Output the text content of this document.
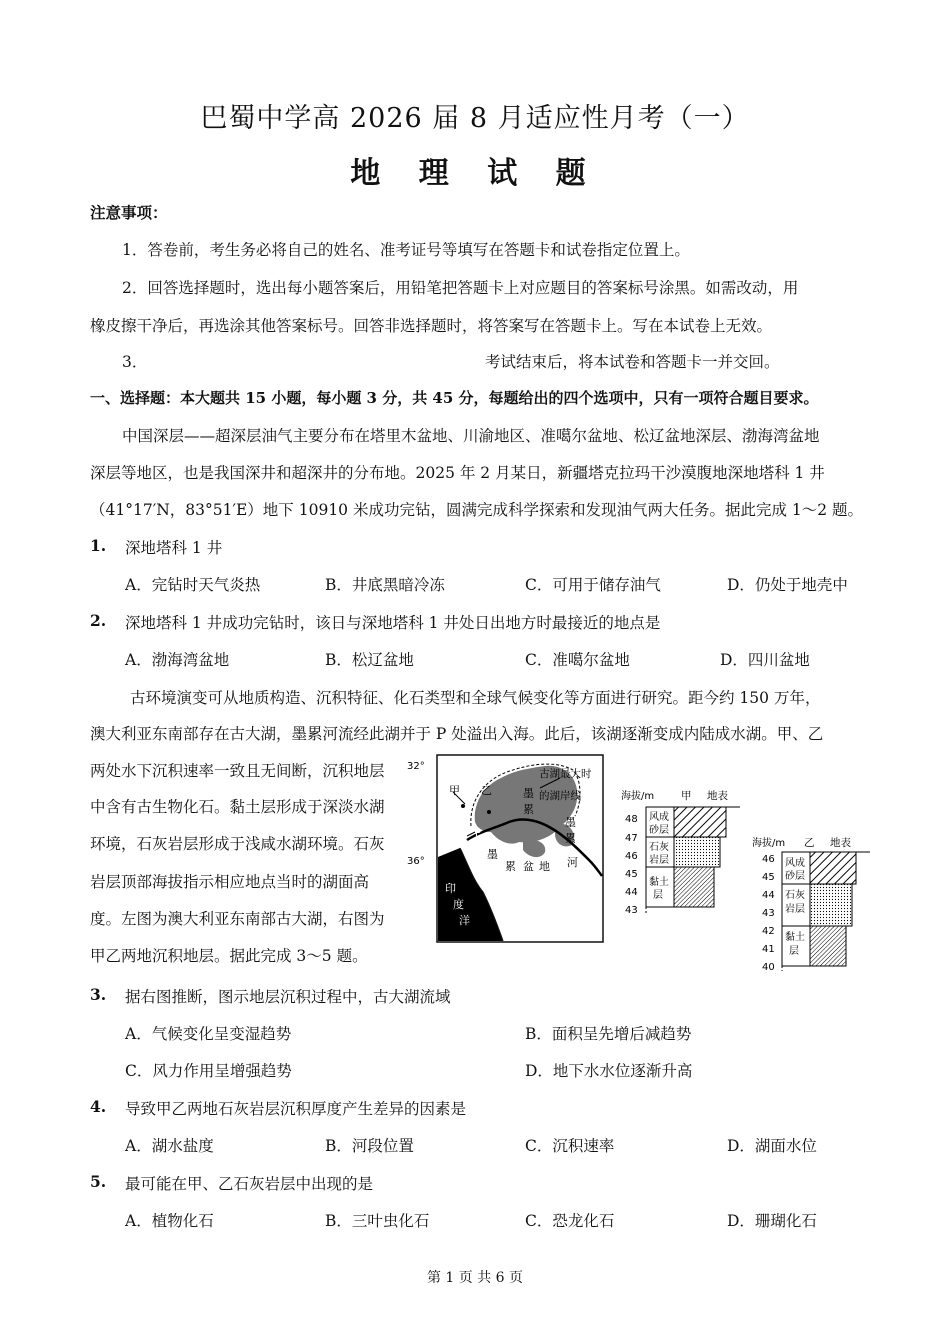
巴蜀中学高 2026 届 8 月适应性月考（一）
地 理 试 题
注意事项：
1．答卷前，考生务必将自己的姓名、准考证号等填写在答题卡和试卷指定位置上。
2．回答选择题时，选出每小题答案后，用铅笔把答题卡上对应题目的答案标号涂黑。如需改动，用
橡皮擦干净后，再选涂其他答案标号。回答非选择题时，将答案写在答题卡上。写在本试卷上无效。
3．	考试结束后，将本试卷和答题卡一并交回。
一、选择题：本大题共 15 小题，每小题 3 分，共 45 分，每题给出的四个选项中，只有一项符合题目要求。
中国深层——超深层油气主要分布在塔里木盆地、川渝地区、准噶尔盆地、松辽盆地深层、渤海湾盆地
深层等地区，也是我国深井和超深井的分布地。2025 年 2 月某日，新疆塔克拉玛干沙漠腹地深地塔科 1 井
（41°17′N，83°51′E）地下 10910 米成功完钻，圆满完成科学探索和发现油气两大任务。据此完成 1～2 题。
1. 深地塔科 1 井
A．完钻时天气炎热	B．井底黑暗冷冻	C．可用于储存油气	D．仍处于地壳中
2. 深地塔科 1 井成功完钻时，该日与深地塔科 1 井处日出地方时最接近的地点是
A．渤海湾盆地	B．松辽盆地	C．准噶尔盆地	D．四川盆地
古环境演变可从地质构造、沉积特征、化石类型和全球气候变化等方面进行研究。距今约 150 万年，
澳大利亚东南部存在古大湖，墨累河流经此湖并于 P 处溢出入海。此后，该湖逐渐变成内陆成水湖。甲、乙
两处水下沉积速率一致且无间断，沉积地层
中含有古生物化石。黏土层形成于深淡水湖
环境，石灰岩层形成于浅咸水湖环境。石灰
岩层顶部海拔指示相应地点当时的湖面高
度。左图为澳大利亚东南部古大湖，右图为
甲乙两地沉积地层。据此完成 3～5 题。
32°
36°
甲 乙
P
古湖最大时
的湖岸线
墨
累
墨
累
墨
累 盆 地 河
印
度
洋
海拔/m	甲 地表
风成
砂层
石灰
岩层
黏土
层
48
47
46
45
44
43
海拔/m 乙 地表
风成
砂层
石灰
岩层
黏土
层
46
45
44
43
42
41
40
3. 据右图推断，图示地层沉积过程中，古大湖流域
A．气候变化呈变湿趋势	B．面积呈先增后减趋势
C．风力作用呈增强趋势	D．地下水水位逐渐升高
4. 导致甲乙两地石灰岩层沉积厚度产生差异的因素是
A．湖水盐度	B．河段位置	C．沉积速率	D．湖面水位
5. 最可能在甲、乙石灰岩层中出现的是
A．植物化石	B．三叶虫化石	C．恐龙化石	D．珊瑚化石
第 1 页 共 6 页
